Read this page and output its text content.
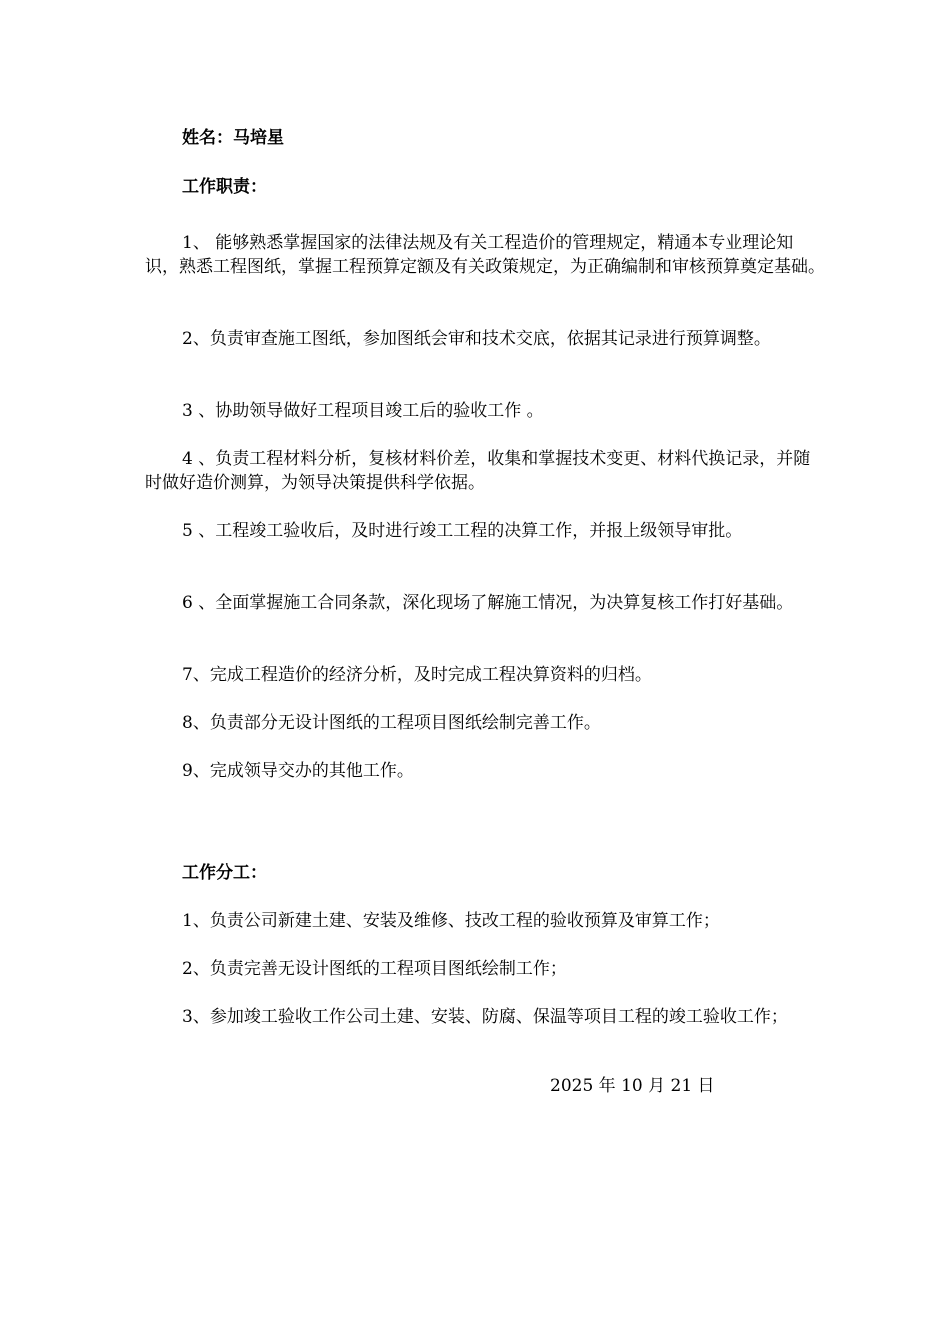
姓名：马培星

工作职责：

1、 能够熟悉掌握国家的法律法规及有关工程造价的管理规定，精通本专业理论知识，熟悉工程图纸，掌握工程预算定额及有关政策规定，为正确编制和审核预算奠定基础。

2、负责审查施工图纸，参加图纸会审和技术交底，依据其记录进行预算调整。

3 、协助领导做好工程项目竣工后的验收工作 。

4 、负责工程材料分析，复核材料价差，收集和掌握技术变更、材料代换记录，并随时做好造价测算，为领导决策提供科学依据。

5 、工程竣工验收后，及时进行竣工工程的决算工作，并报上级领导审批。

6 、全面掌握施工合同条款，深化现场了解施工情况，为决算复核工作打好基础。

7、完成工程造价的经济分析，及时完成工程决算资料的归档。

8、负责部分无设计图纸的工程项目图纸绘制完善工作。

9、完成领导交办的其他工作。

工作分工：

1、负责公司新建土建、安装及维修、技改工程的验收预算及审算工作；

2、负责完善无设计图纸的工程项目图纸绘制工作；

3、参加竣工验收工作公司土建、安装、防腐、保温等项目工程的竣工验收工作；

2025 年 10 月 21 日
